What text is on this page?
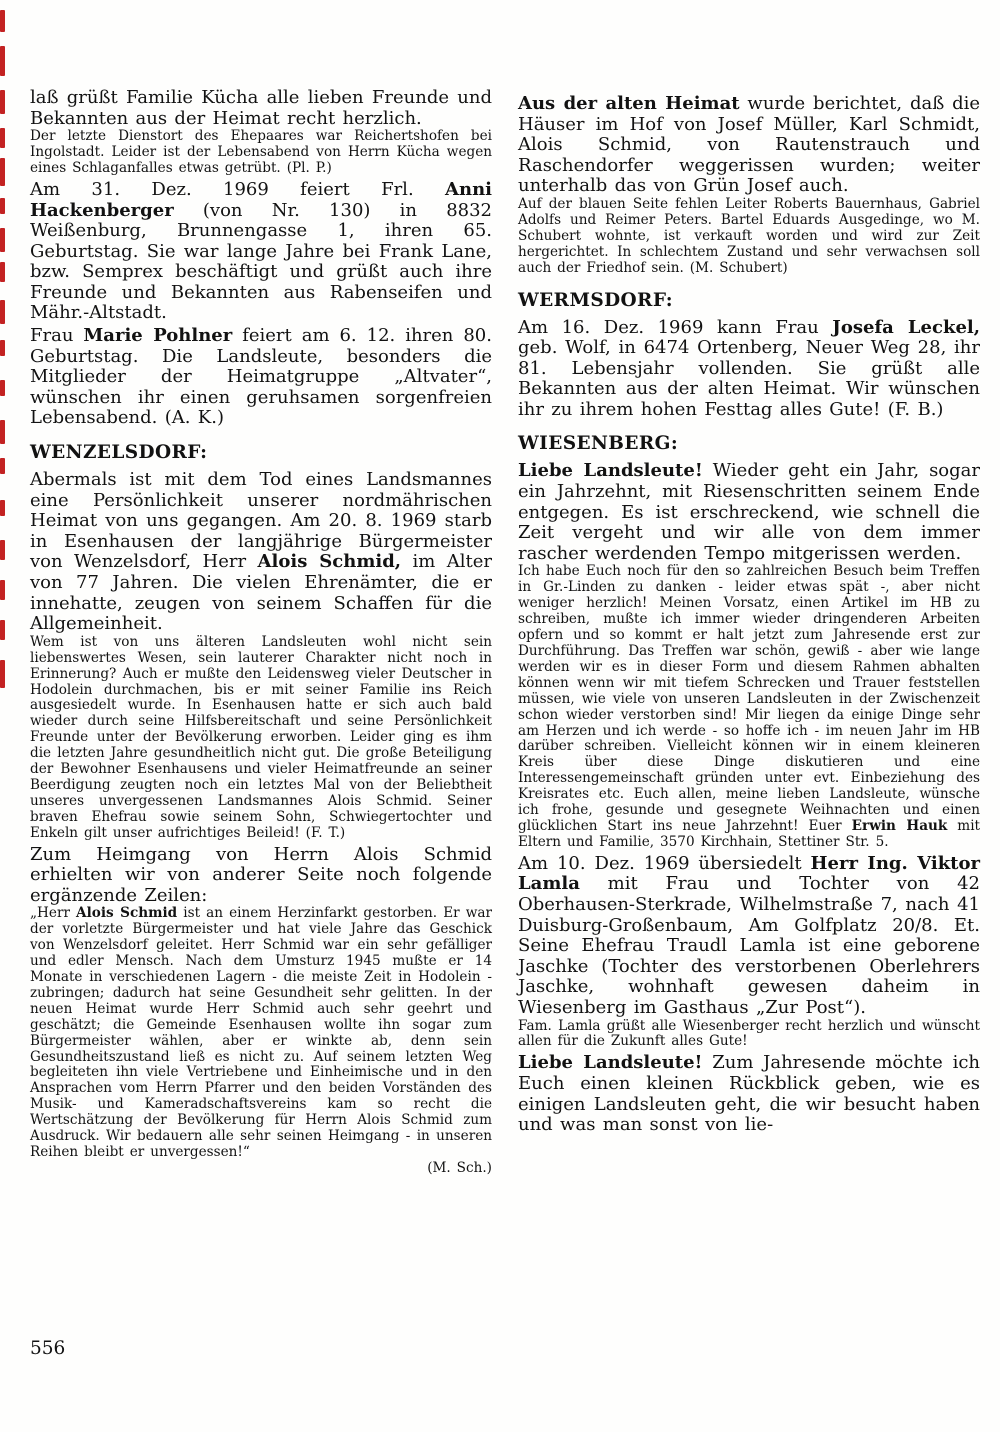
laß grüßt Familie Kücha alle lieben Freunde und Bekannten aus der Heimat recht herzlich.

Der letzte Dienstort des Ehepaares war Reichertshofen bei Ingolstadt. Leider ist der Lebensabend von Herrn Kücha wegen eines Schlaganfalles etwas getrübt. (Pl. P.)

Am 31. Dez. 1969 feiert Frl. Anni Hackenberger (von Nr. 130) in 8832 Weißenburg, Brunnengasse 1, ihren 65. Geburtstag. Sie war lange Jahre bei Frank Lane, bzw. Semprex beschäftigt und grüßt auch ihre Freunde und Bekannten aus Rabenseifen und Mähr.-Altstadt.

Frau Marie Pohlner feiert am 6. 12. ihren 80. Geburtstag. Die Landsleute, besonders die Mitglieder der Heimatgruppe „Altvater“, wünschen ihr einen geruhsamen sorgenfreien Lebensabend. (A. K.)

WENZELSDORF:

Abermals ist mit dem Tod eines Landsmannes eine Persönlichkeit unserer nordmährischen Heimat von uns gegangen. Am 20. 8. 1969 starb in Esenhausen der langjährige Bürgermeister von Wenzelsdorf, Herr Alois Schmid, im Alter von 77 Jahren. Die vielen Ehrenämter, die er innehatte, zeugen von seinem Schaffen für die Allgemeinheit.

Wem ist von uns älteren Landsleuten wohl nicht sein liebenswertes Wesen, sein lauterer Charakter nicht noch in Erinnerung? Auch er mußte den Leidensweg vieler Deutscher in Hodolein durchmachen, bis er mit seiner Familie ins Reich ausgesiedelt wurde. In Esenhausen hatte er sich auch bald wieder durch seine Hilfsbereitschaft und seine Persönlichkeit Freunde unter der Bevölkerung erworben. Leider ging es ihm die letzten Jahre gesundheitlich nicht gut. Die große Beteiligung der Bewohner Esenhausens und vieler Heimatfreunde an seiner Beerdigung zeugten noch ein letztes Mal von der Beliebtheit unseres unvergessenen Landsmannes Alois Schmid. Seiner braven Ehefrau sowie seinem Sohn, Schwiegertochter und Enkeln gilt unser aufrichtiges Beileid! (F. T.)

Zum Heimgang von Herrn Alois Schmid erhielten wir von anderer Seite noch folgende ergänzende Zeilen:

„Herr Alois Schmid ist an einem Herzinfarkt gestorben. Er war der vorletzte Bürgermeister und hat viele Jahre das Geschick von Wenzelsdorf geleitet. Herr Schmid war ein sehr gefälliger und edler Mensch. Nach dem Umsturz 1945 mußte er 14 Monate in verschiedenen Lagern - die meiste Zeit in Hodolein - zubringen; dadurch hat seine Gesundheit sehr gelitten. In der neuen Heimat wurde Herr Schmid auch sehr geehrt und geschätzt; die Gemeinde Esenhausen wollte ihn sogar zum Bürgermeister wählen, aber er winkte ab, denn sein Gesundheitszustand ließ es nicht zu. Auf seinem letzten Weg begleiteten ihn viele Vertriebene und Einheimische und in den Ansprachen vom Herrn Pfarrer und den beiden Vorständen des Musik- und Kameradschaftsvereins kam so recht die Wertschätzung der Bevölkerung für Herrn Alois Schmid zum Ausdruck. Wir bedauern alle sehr seinen Heimgang - in unseren Reihen bleibt er unvergessen!“

(M. Sch.)

Aus der alten Heimat wurde berichtet, daß die Häuser im Hof von Josef Müller, Karl Schmidt, Alois Schmid, von Rautenstrauch und Raschendorfer weggerissen wurden; weiter unterhalb das von Grün Josef auch.

Auf der blauen Seite fehlen Leiter Roberts Bauernhaus, Gabriel Adolfs und Reimer Peters. Bartel Eduards Ausgedinge, wo M. Schubert wohnte, ist verkauft worden und wird zur Zeit hergerichtet. In schlechtem Zustand und sehr verwachsen soll auch der Friedhof sein. (M. Schubert)

WERMSDORF:

Am 16. Dez. 1969 kann Frau Josefa Leckel, geb. Wolf, in 6474 Ortenberg, Neuer Weg 28, ihr 81. Lebensjahr vollenden. Sie grüßt alle Bekannten aus der alten Heimat. Wir wünschen ihr zu ihrem hohen Festtag alles Gute! (F. B.)

WIESENBERG:

Liebe Landsleute! Wieder geht ein Jahr, sogar ein Jahrzehnt, mit Riesenschritten seinem Ende entgegen. Es ist erschreckend, wie schnell die Zeit vergeht und wir alle von dem immer rascher werdenden Tempo mitgerissen werden.

Ich habe Euch noch für den so zahlreichen Besuch beim Treffen in Gr.-Linden zu danken - leider etwas spät -, aber nicht weniger herzlich! Meinen Vorsatz, einen Artikel im HB zu schreiben, mußte ich immer wieder dringenderen Arbeiten opfern und so kommt er halt jetzt zum Jahresende erst zur Durchführung. Das Treffen war schön, gewiß - aber wie lange werden wir es in dieser Form und diesem Rahmen abhalten können wenn wir mit tiefem Schrecken und Trauer feststellen müssen, wie viele von unseren Landsleuten in der Zwischenzeit schon wieder verstorben sind! Mir liegen da einige Dinge sehr am Herzen und ich werde - so hoffe ich - im neuen Jahr im HB darüber schreiben. Vielleicht können wir in einem kleineren Kreis über diese Dinge diskutieren und eine Interessengemeinschaft gründen unter evt. Einbeziehung des Kreisrates etc. Euch allen, meine lieben Landsleute, wünsche ich frohe, gesunde und gesegnete Weihnachten und einen glücklichen Start ins neue Jahrzehnt! Euer Erwin Hauk mit Eltern und Familie, 3570 Kirchhain, Stettiner Str. 5.

Am 10. Dez. 1969 übersiedelt Herr Ing. Viktor Lamla mit Frau und Tochter von 42 Oberhausen-Sterkrade, Wilhelmstraße 7, nach 41 Duisburg-Großenbaum, Am Golfplatz 20/8. Et. Seine Ehefrau Traudl Lamla ist eine geborene Jaschke (Tochter des verstorbenen Oberlehrers Jaschke, wohnhaft gewesen daheim in Wiesenberg im Gasthaus „Zur Post“).

Fam. Lamla grüßt alle Wiesenberger recht herzlich und wünscht allen für die Zukunft alles Gute!

Liebe Landsleute! Zum Jahresende möchte ich Euch einen kleinen Rückblick geben, wie es einigen Landsleuten geht, die wir besucht haben und was man sonst von lie-

556
